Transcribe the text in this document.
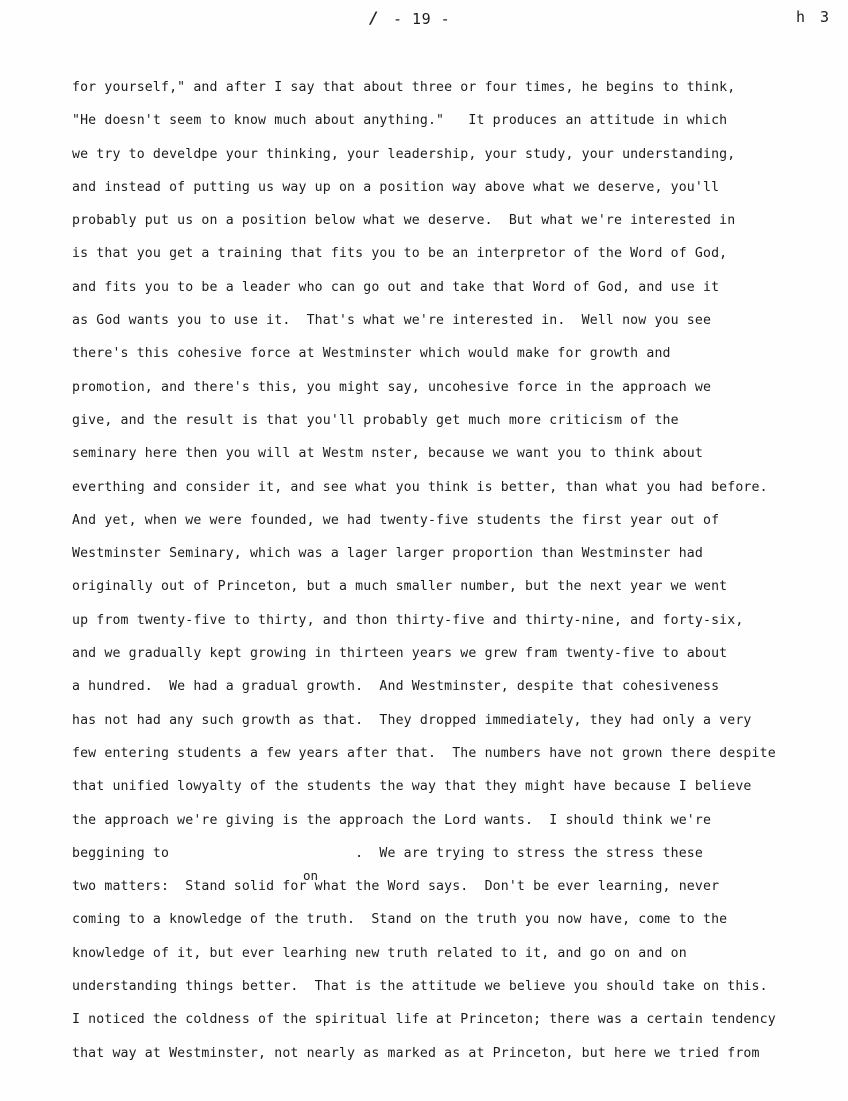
/ - 19 -	h 3
on
for yourself," and after I say that about three or four times, he begins to think,
"He doesn't seem to know much about anything."   It produces an attitude in which
we try to develdpe your thinking, your leadership, your study, your understanding,
and instead of putting us way up on a position way above what we deserve, you'll
probably put us on a position below what we deserve.  But what we're interested in
is that you get a training that fits you to be an interpretor of the Word of God,
and fits you to be a leader who can go out and take that Word of God, and use it
as God wants you to use it.  That's what we're interested in.  Well now you see
there's this cohesive force at Westminster which would make for growth and
promotion, and there's this, you might say, uncohesive force in the approach we
give, and the result is that you'll probably get much more criticism of the
seminary here then you will at Westm nster, because we want you to think about
everthing and consider it, and see what you think is better, than what you had before.
And yet, when we were founded, we had twenty-five students the first year out of
Westminster Seminary, which was a lager larger proportion than Westminster had
originally out of Princeton, but a much smaller number, but the next year we went
up from twenty-five to thirty, and thon thirty-five and thirty-nine, and forty-six,
and we gradually kept growing in thirteen years we grew fram twenty-five to about
a hundred.  We had a gradual growth.  And Westminster, despite that cohesiveness
has not had any such growth as that.  They dropped immediately, they had only a very
few entering students a few years after that.  The numbers have not grown there despite
that unified lowyalty of the students the way that they might have because I believe
the approach we're giving is the approach the Lord wants.  I should think we're
beggining to                       .  We are trying to stress the stress these
two matters:  Stand solid for what the Word says.  Don't be ever learning, never
coming to a knowledge of the truth.  Stand on the truth you now have, come to the
knowledge of it, but ever learhing new truth related to it, and go on and on
understanding things better.  That is the attitude we believe you should take on this.
I noticed the coldness of the spiritual life at Princeton; there was a certain tendency
that way at Westminster, not nearly as marked as at Princeton, but here we tried from
